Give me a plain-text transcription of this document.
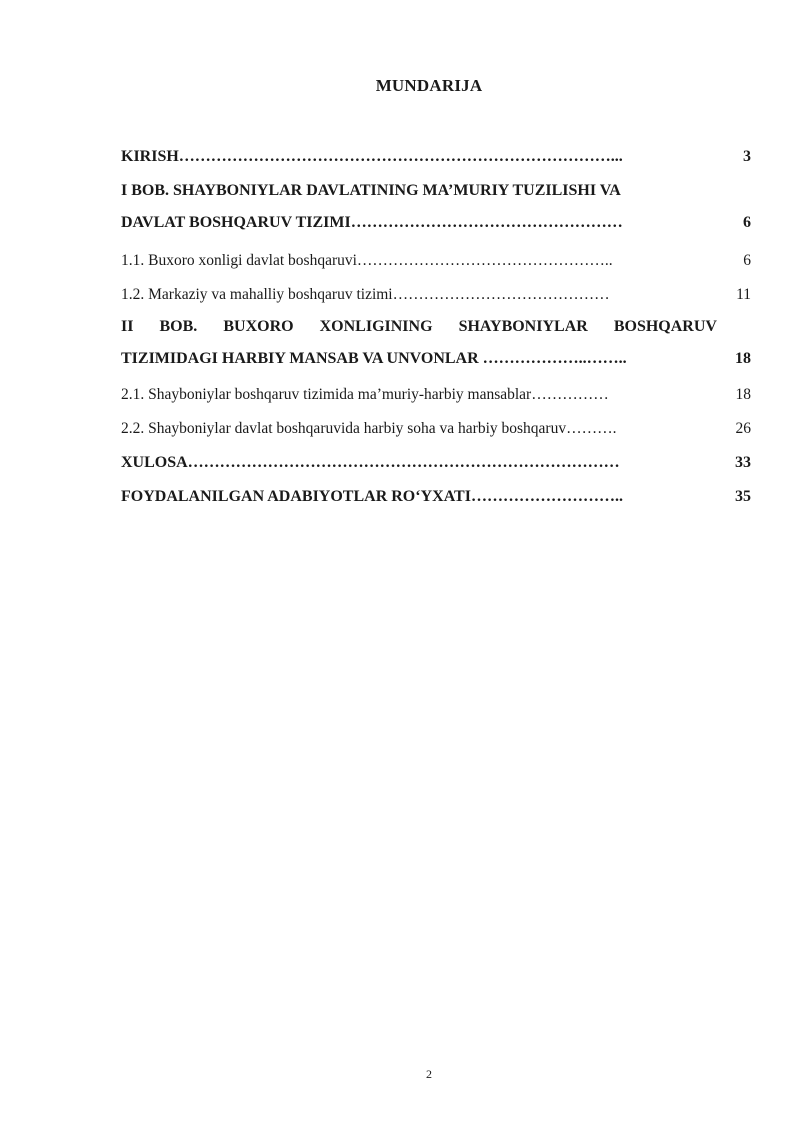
MUNDARIJA
KIRISH………………………………………………………………………...	3
I BOB. SHAYBONIYLAR DAVLATINING MA’MURIY TUZILISHI VA
DAVLAT BOSHQARUV TIZIMI……………………………………………	6
1.1. Buxoro xonligi davlat boshqaruvi…………………………………………..	6
1.2. Markaziy va mahalliy boshqaruv tizimi……………………………………	11
II BOB. BUXORO XONLIGINING SHAYBONIYLAR BOSHQARUV
TIZIMIDAGI HARBIY MANSAB VA UNVONLAR ………………..……..	18
2.1. Shayboniylar boshqaruv tizimida ma’muriy-harbiy mansablar……………	18
2.2. Shayboniylar davlat boshqaruvida harbiy soha va harbiy boshqaruv……….	26
XULOSA………………………………………………………………………	33
FOYDALANILGAN ADABIYOTLAR RO‘YXATI………………………..	35
2
